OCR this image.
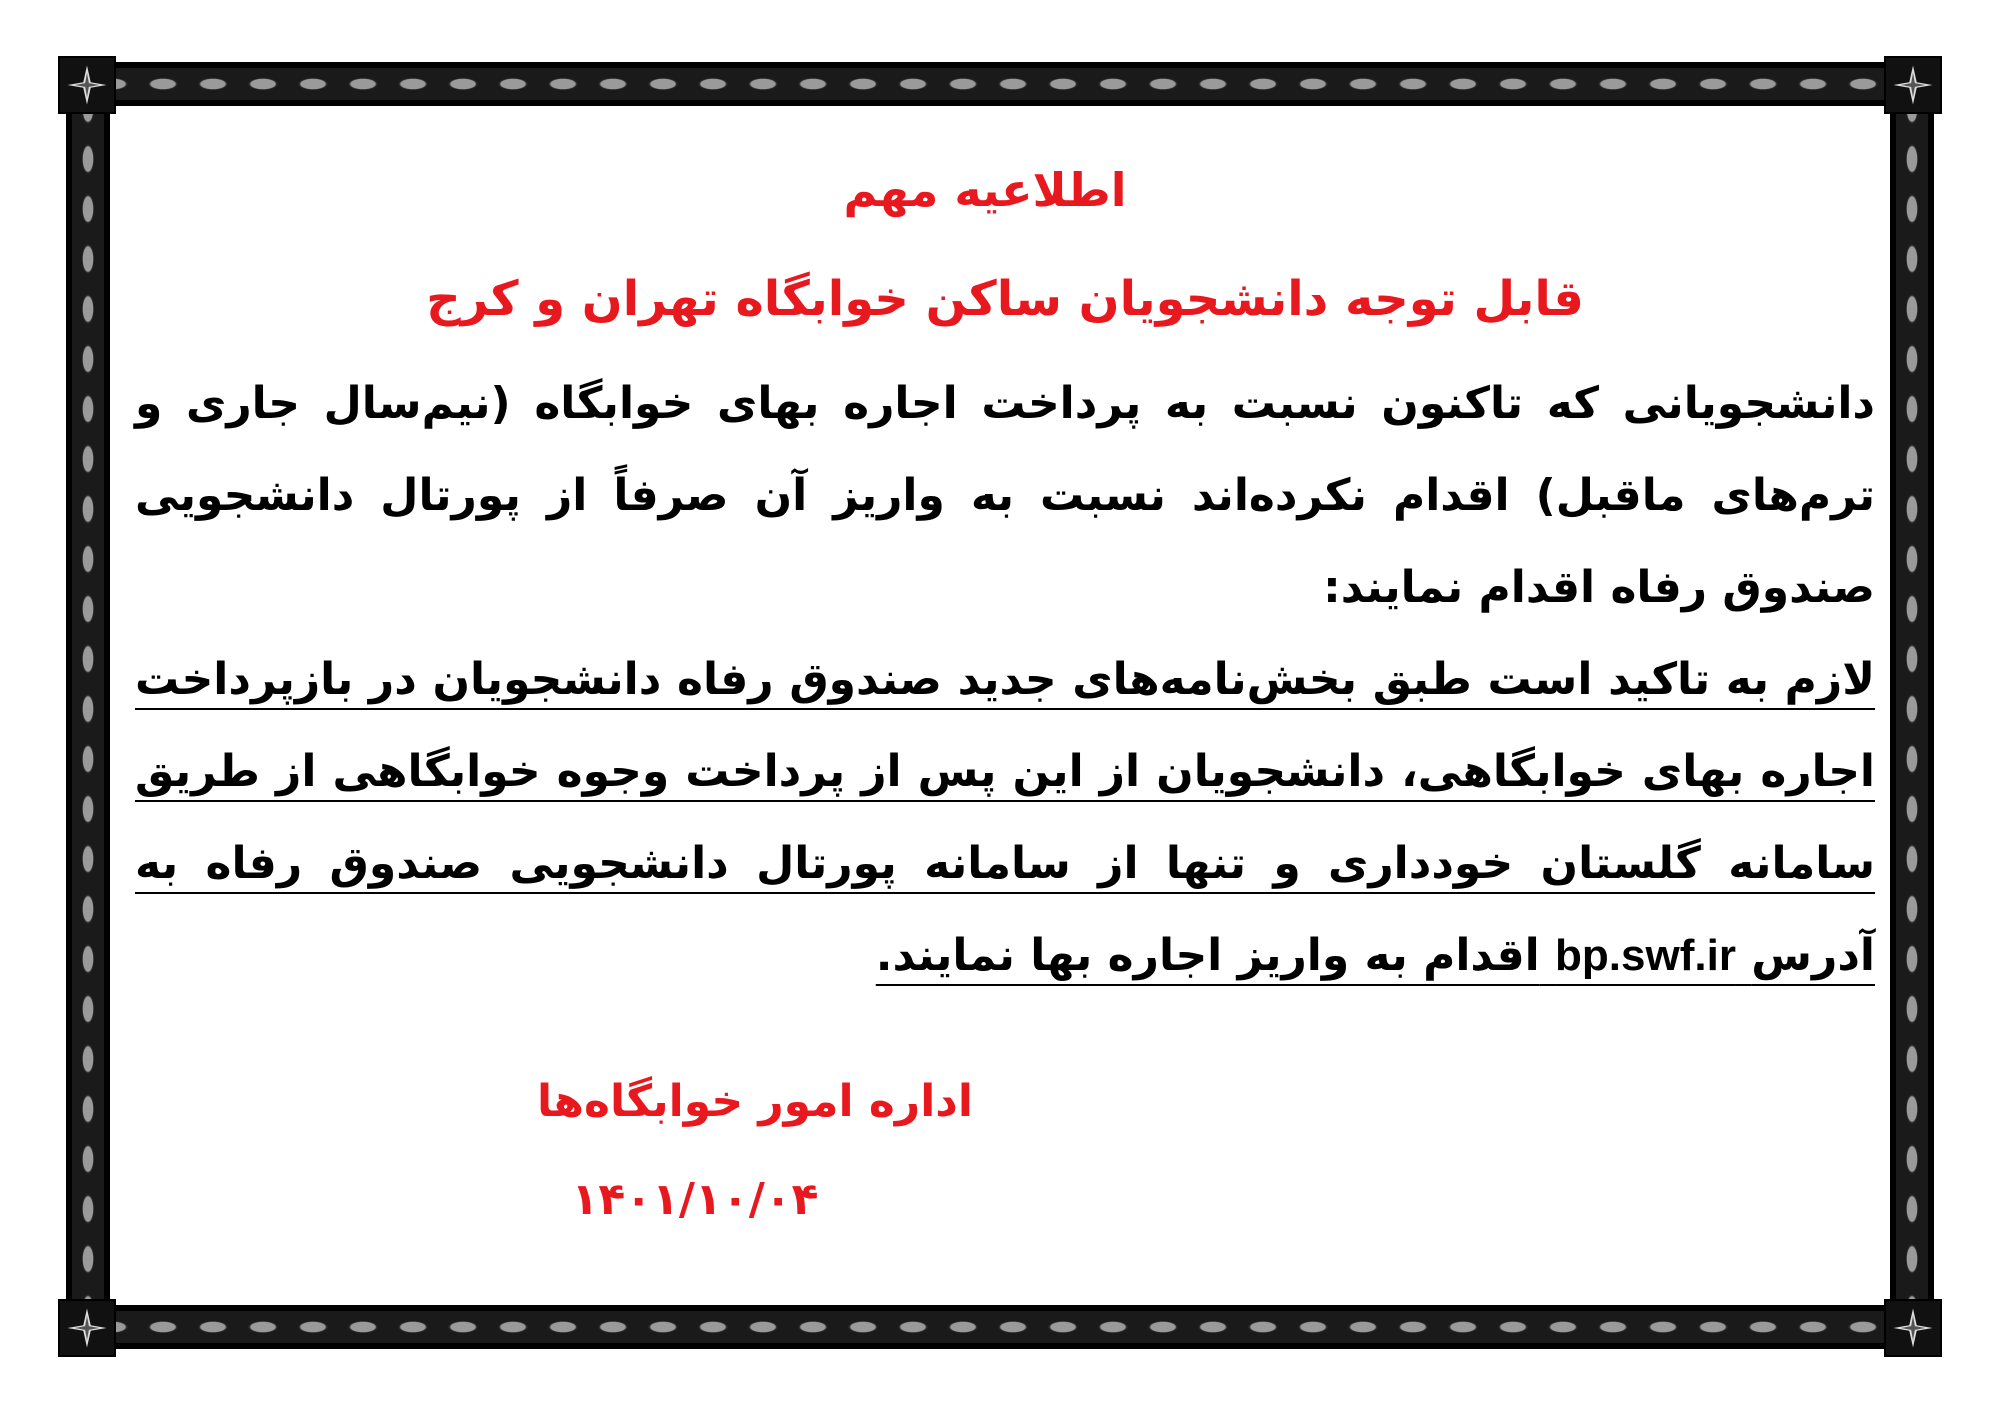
اطلاعیه مهم
قابل توجه دانشجویان ساکن خوابگاه تهران و کرج

دانشجویانی که تاکنون نسبت به پرداخت اجاره بهای خوابگاه (نیم‌سال جاری و ترم‌های ماقبل) اقدام نکرده‌اند نسبت به واریز آن صرفاً از پورتال دانشجویی صندوق رفاه اقدام نمایند:

لازم به تاکید است طبق بخش‌نامه‌های جدید صندوق رفاه دانشجویان در بازپرداخت اجاره بهای خوابگاهی، دانشجویان از این پس از پرداخت وجوه خوابگاهی از طریق سامانه گلستان خودداری و تنها از سامانه پورتال دانشجویی صندوق رفاه به آدرس bp.swf.ir اقدام به واریز اجاره بها نمایند.

اداره امور خوابگاه‌ها

۱۴۰۱/۱۰/۰۴
